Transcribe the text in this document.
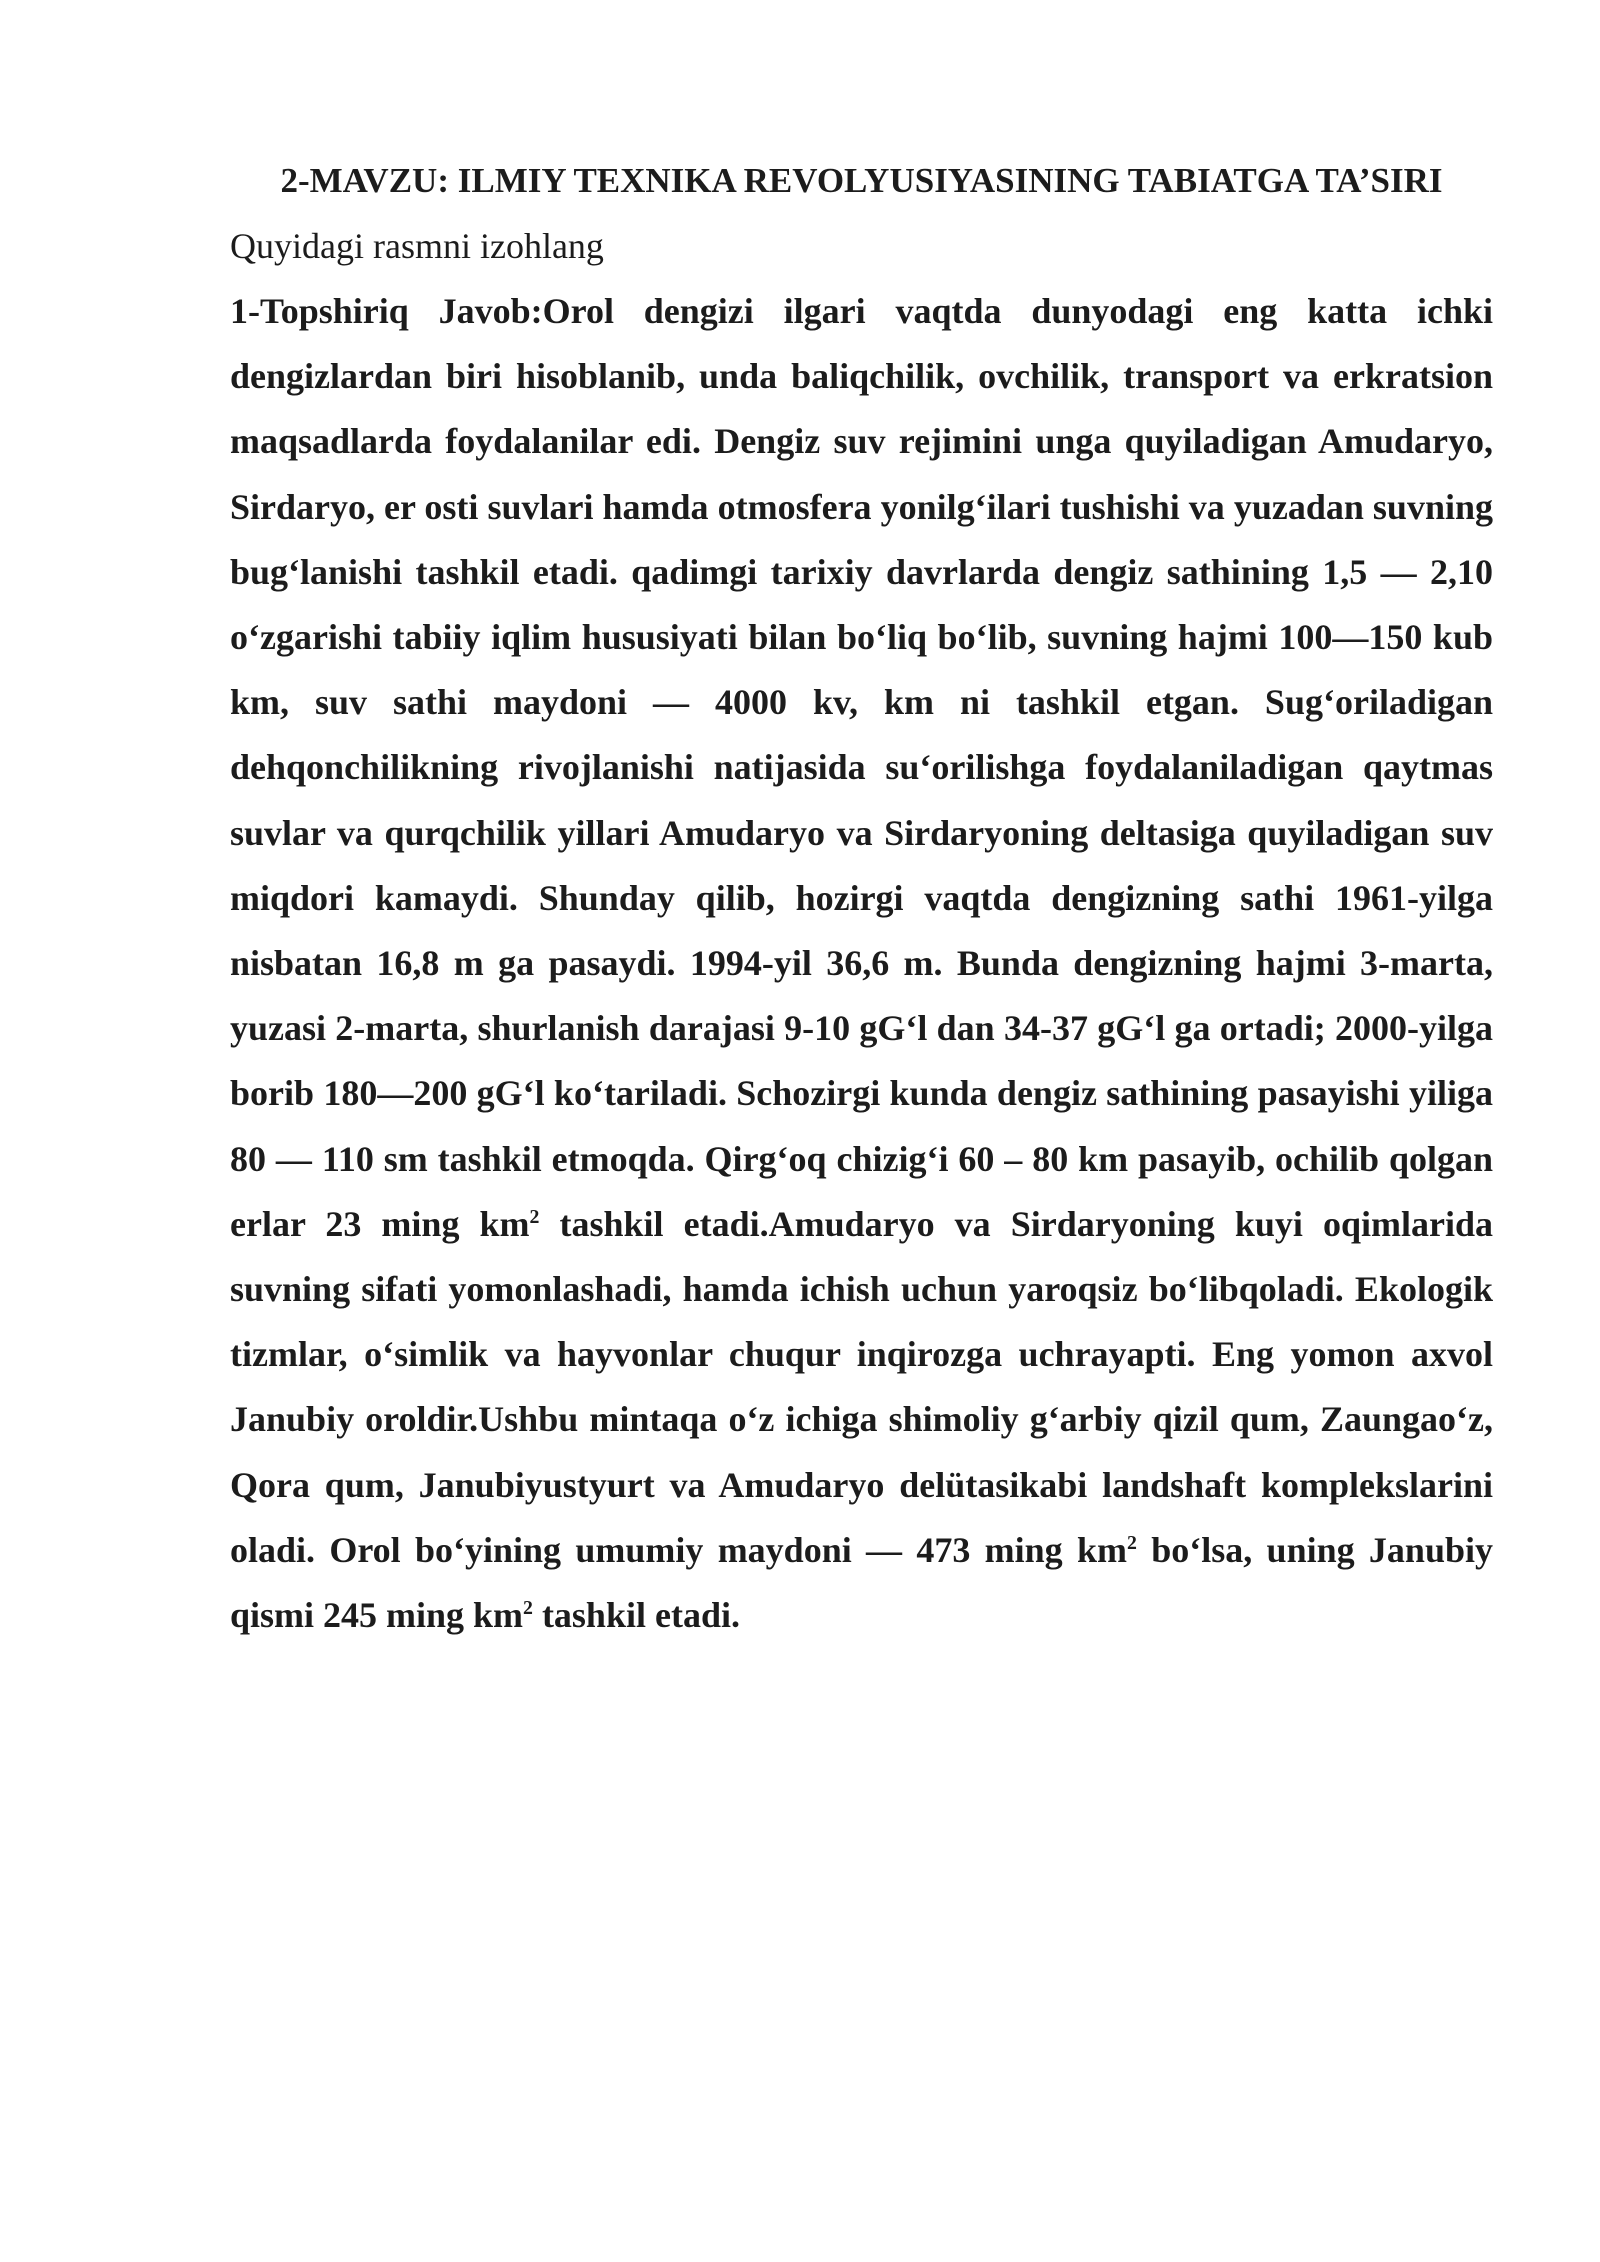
2-MAVZU: ILMIY TEXNIKA REVOLYUSIYASINING TABIATGA TA’SIRI

Quyidagi rasmni izohlang

1-Topshiriq Javob:Orol dengizi ilgari vaqtda dunyodagi eng katta ichki dengizlardan biri hisoblanib, unda baliqchilik, ovchilik, transport va erkratsion maqsadlarda foydalanilar edi. Dengiz suv rejimini unga quyiladigan Amudaryo, Sirdaryo, er osti suvlari hamda otmosfera yonilg‘ilari tushishi va yuzadan suvning bug‘lanishi tashkil etadi. qadimgi tarixiy davrlarda dengiz sathining 1,5 — 2,10 o‘zgarishi tabiiy iqlim hususiyati bilan bo‘liq bo‘lib, suvning hajmi 100—150 kub km, suv sathi maydoni — 4000 kv, km ni tashkil etgan. Sug‘oriladigan dehqonchilikning rivojlanishi natijasida su‘orilishga foydalaniladigan qaytmas suvlar va qurqchilik yillari Amudaryo va Sirdaryoning deltasiga quyiladigan suv miqdori kamaydi. Shunday qilib, hozirgi vaqtda dengizning sathi 1961-yilga nisbatan 16,8 m ga pasaydi. 1994-yil 36,6 m. Bunda dengizning hajmi 3-marta, yuzasi 2-marta, shurlanish darajasi 9-10 gG‘l dan 34-37 gG‘l ga ortadi; 2000-yilga borib 180—200 gG‘l ko‘tariladi. Schozirgi kunda dengiz sathining pasayishi yiliga 80 — 110 sm tashkil etmoqda. Qirg‘oq chizig‘i 60 – 80 km pasayib, ochilib qolgan erlar 23 ming $km^2$ tashkil etadi.Amudaryo va Sirdaryoning kuyi oqimlarida suvning sifati yomonlashadi, hamda ichish uchun yaroqsiz bo‘libqoladi. Ekologik tizmlar, o‘simlik va hayvonlar chuqur inqirozga uchrayapti. Eng yomon axvol Janubiy oroldir.Ushbu mintaqa o‘z ichiga shimoliy g‘arbiy qizil qum, Zaungao‘z, Qora qum, Janubiyustyurt va Amudaryo delütasikabi landshaft komplekslarini oladi. Orol bo‘yining umumiy maydoni — 473 ming $km^2$ bo‘lsa, uning Janubiy qismi 245 ming $km^2$ tashkil etadi.
